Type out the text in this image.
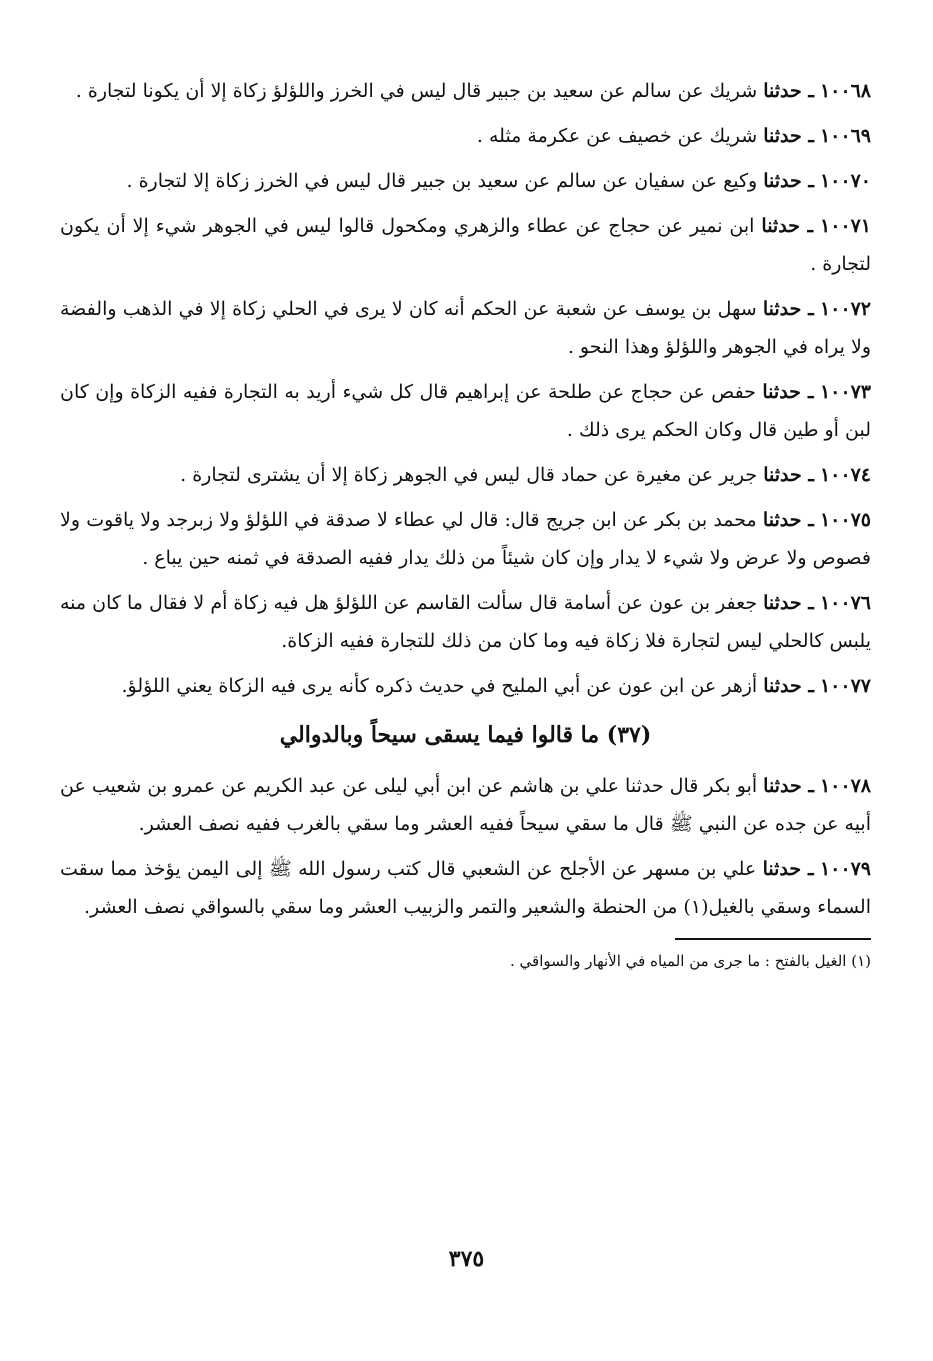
١٠٠٦٨ ـ حدثنا شريك عن سالم عن سعيد بن جبير قال ليس في الخرز واللؤلؤ زكاة إلا أن يكونا لتجارة .

١٠٠٦٩ ـ حدثنا شريك عن خصيف عن عكرمة مثله .

١٠٠٧٠ ـ حدثنا وكيع عن سفيان عن سالم عن سعيد بن جبير قال ليس في الخرز زكاة إلا لتجارة .

١٠٠٧١ ـ حدثنا ابن نمير عن حجاج عن عطاء والزهري ومكحول قالوا ليس في الجوهر شيء إلا أن يكون لتجارة .

١٠٠٧٢ ـ حدثنا سهل بن يوسف عن شعبة عن الحكم أنه كان لا يرى في الحلي زكاة إلا في الذهب والفضة ولا يراه في الجوهر واللؤلؤ وهذا النحو .

١٠٠٧٣ ـ حدثنا حفص عن حجاج عن طلحة عن إبراهيم قال كل شيء أريد به التجارة ففيه الزكاة وإن كان لبن أو طين قال وكان الحكم يرى ذلك .

١٠٠٧٤ ـ حدثنا جرير عن مغيرة عن حماد قال ليس في الجوهر زكاة إلا أن يشترى لتجارة .

١٠٠٧٥ ـ حدثنا محمد بن بكر عن ابن جريج قال: قال لي عطاء لا صدقة في اللؤلؤ ولا زبرجد ولا ياقوت ولا فصوص ولا عرض ولا شيء لا يدار وإن كان شيئاً من ذلك يدار ففيه الصدقة في ثمنه حين يباع .

١٠٠٧٦ ـ حدثنا جعفر بن عون عن أسامة قال سألت القاسم عن اللؤلؤ هل فيه زكاة أم لا فقال ما كان منه يلبس كالحلي ليس لتجارة فلا زكاة فيه وما كان من ذلك للتجارة ففيه الزكاة.

١٠٠٧٧ ـ حدثنا أزهر عن ابن عون عن أبي المليح في حديث ذكره كأنه يرى فيه الزكاة يعني اللؤلؤ.

(٣٧) ما قالوا فيما يسقى سيحاً وبالدوالي

١٠٠٧٨ ـ حدثنا أبو بكر قال حدثنا علي بن هاشم عن ابن أبي ليلى عن عبد الكريم عن عمرو بن شعيب عن أبيه عن جده عن النبي ﷺ قال ما سقي سيحاً ففيه العشر وما سقي بالغرب ففيه نصف العشر.

١٠٠٧٩ ـ حدثنا علي بن مسهر عن الأجلح عن الشعبي قال كتب رسول الله ﷺ إلى اليمن يؤخذ مما سقت السماء وسقي بالغيل(١) من الحنطة والشعير والتمر والزبيب العشر وما سقي بالسواقي نصف العشر.

(١) الغيل بالفتح : ما جرى من المياه في الأنهار والسواقي .
٣٧٥
